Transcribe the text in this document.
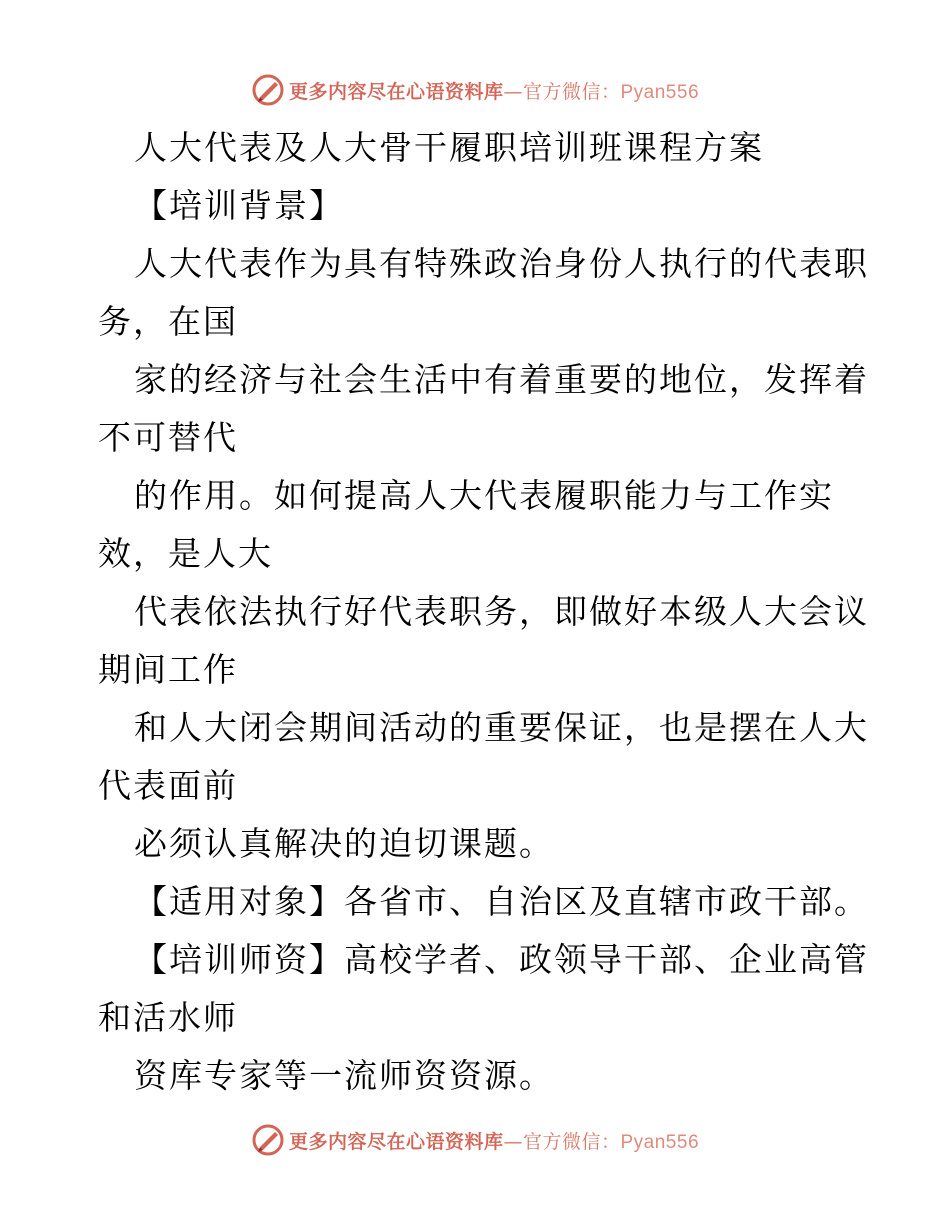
更多内容尽在心语资料库—官方微信：Pyan556
人大代表及人大骨干履职培训班课程方案
【培训背景】
人大代表作为具有特殊政治身份人执行的代表职
务，在国
家的经济与社会生活中有着重要的地位，发挥着
不可替代
的作用。如何提高人大代表履职能力与工作实
效，是人大
代表依法执行好代表职务，即做好本级人大会议
期间工作
和人大闭会期间活动的重要保证，也是摆在人大
代表面前
必须认真解决的迫切课题。
【适用对象】各省市、自治区及直辖市政干部。
【培训师资】高校学者、政领导干部、企业高管
和活水师
资库专家等一流师资资源。
更多内容尽在心语资料库—官方微信：Pyan556
